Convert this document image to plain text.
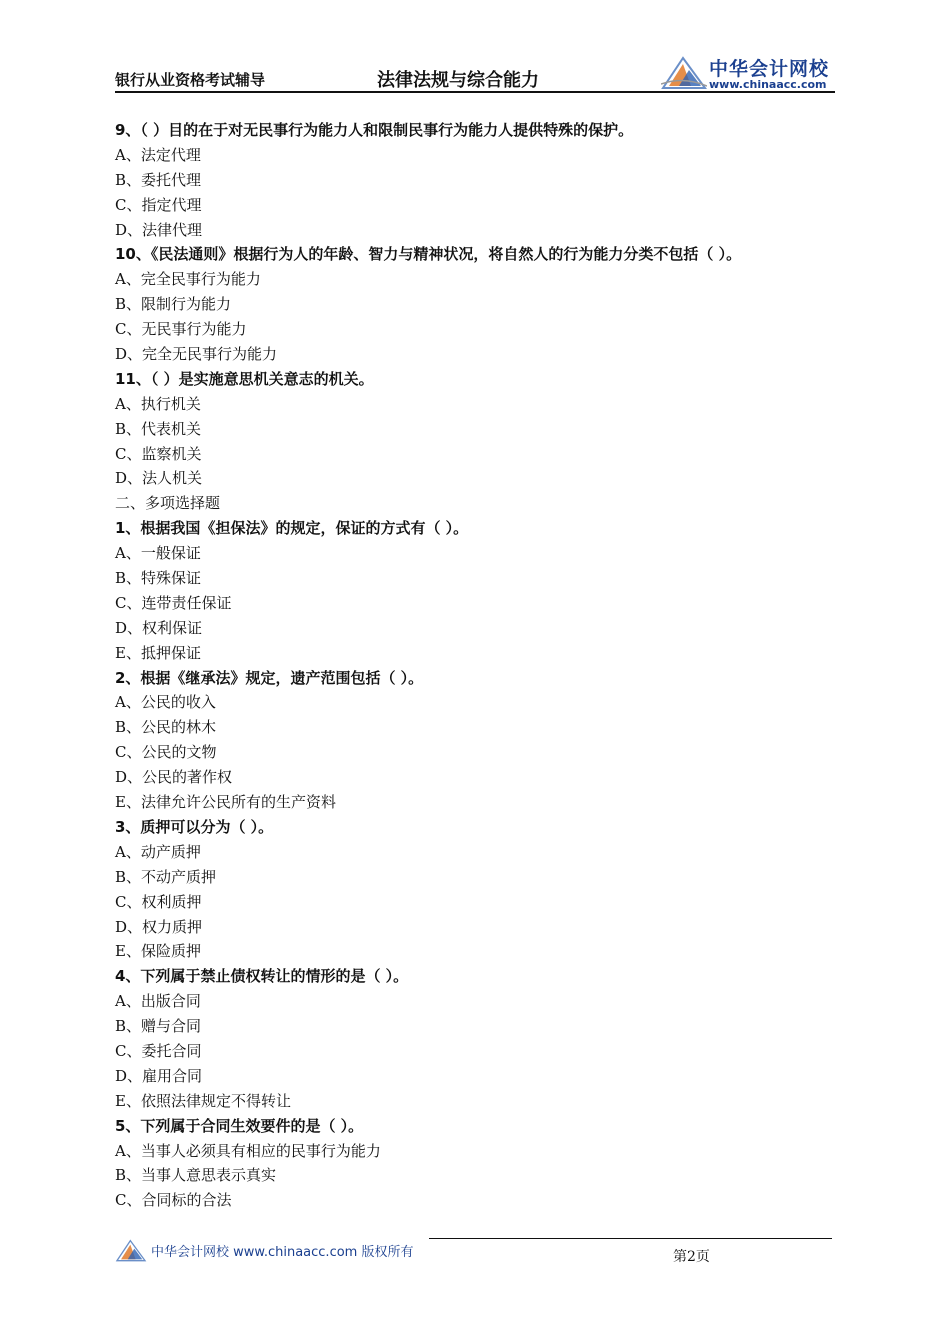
银行从业资格考试辅导	法律法规与综合能力
中华会计网校
www.chinaacc.com
9、（ ）目的在于对无民事行为能力人和限制民事行为能力人提供特殊的保护。
A、法定代理
B、委托代理
C、指定代理
D、法律代理
10、《民法通则》根据行为人的年龄、智力与精神状况，将自然人的行为能力分类不包括（ ）。
A、完全民事行为能力
B、限制行为能力
C、无民事行为能力
D、完全无民事行为能力
11、（ ）是实施意思机关意志的机关。
A、执行机关
B、代表机关
C、监察机关
D、法人机关
二、多项选择题
1、根据我国《担保法》的规定，保证的方式有（ ）。
A、一般保证
B、特殊保证
C、连带责任保证
D、权利保证
E、抵押保证
2、根据《继承法》规定，遗产范围包括（ ）。
A、公民的收入
B、公民的林木
C、公民的文物
D、公民的著作权
E、法律允许公民所有的生产资料
3、质押可以分为（ ）。
A、动产质押
B、不动产质押
C、权利质押
D、权力质押
E、保险质押
4、下列属于禁止债权转让的情形的是（ ）。
A、出版合同
B、赠与合同
C、委托合同
D、雇用合同
E、依照法律规定不得转让
5、下列属于合同生效要件的是（ ）。
A、当事人必须具有相应的民事行为能力
B、当事人意思表示真实
C、合同标的合法
中华会计网校 www.chinaacc.com 版权所有	第2页
